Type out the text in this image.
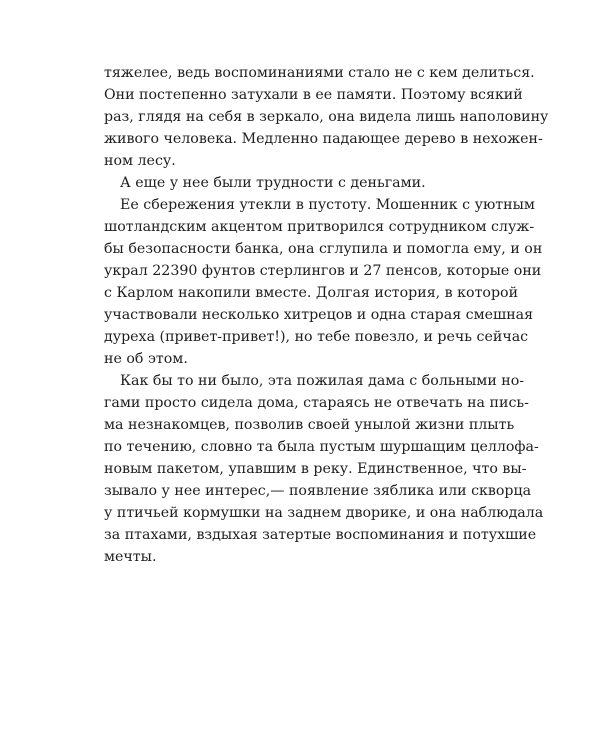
тяжелее, ведь воспоминаниями стало не с кем делиться.
Они постепенно затухали в ее памяти. Поэтому всякий
раз, глядя на себя в зеркало, она видела лишь наполовину
живого человека. Медленно падающее дерево в нехожен-
ном лесу.
А еще у нее были трудности с деньгами.
Ее сбережения утекли в пустоту. Мошенник с уютным
шотландским акцентом притворился сотрудником служ-
бы безопасности банка, она сглупила и помогла ему, и он
украл 22390 фунтов стерлингов и 27 пенсов, которые они
с Карлом накопили вместе. Долгая история, в которой
участвовали несколько хитрецов и одна старая смешная
дуреха (привет-привет!), но тебе повезло, и речь сейчас
не об этом.
Как бы то ни было, эта пожилая дама с больными но-
гами просто сидела дома, стараясь не отвечать на пись-
ма незнакомцев, позволив своей унылой жизни плыть
по течению, словно та была пустым шуршащим целлофа-
новым пакетом, упавшим в реку. Единственное, что вы-
зывало у нее интерес,— появление зяблика или скворца
у птичьей кормушки на заднем дворике, и она наблюдала
за птахами, вздыхая затертые воспоминания и потухшие
мечты.
